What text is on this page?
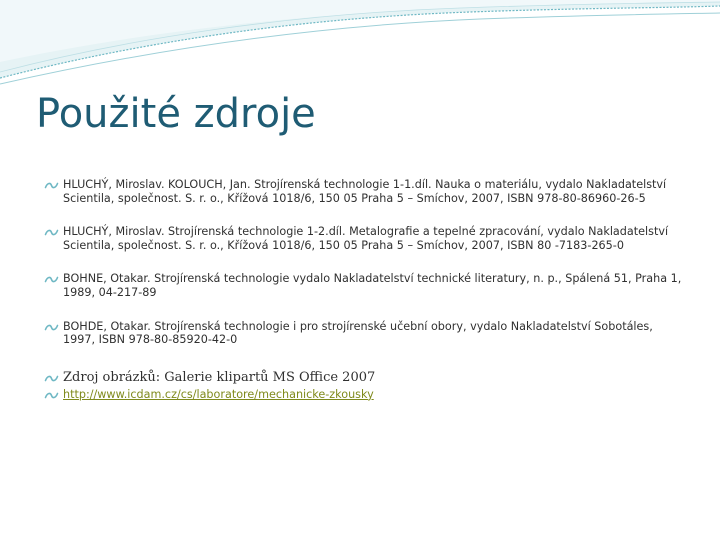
Použité zdroje
HLUCHÝ, Miroslav. KOLOUCH, Jan. Strojírenská technologie 1-1.díl. Nauka o materiálu, vydalo Nakladatelství Scientila, společnost. S. r. o., Křížová 1018/6, 150 05 Praha 5 – Smíchov, 2007, ISBN 978-80-86960-26-5
HLUCHÝ, Miroslav. Strojírenská technologie 1-2.díl. Metalografie a tepelné zpracování, vydalo Nakladatelství Scientila, společnost. S. r. o., Křížová 1018/6, 150 05 Praha 5 – Smíchov, 2007, ISBN 80 -7183-265-0
BOHNE, Otakar. Strojírenská technologie vydalo Nakladatelství technické literatury, n. p., Spálená 51, Praha 1, 1989, 04-217-89
BOHDE, Otakar. Strojírenská technologie i pro strojírenské učební obory, vydalo Nakladatelství Sobotáles, 1997, ISBN 978-80-85920-42-0
Zdroj obrázků: Galerie klipartů MS Office 2007
http://www.icdam.cz/cs/laboratore/mechanicke-zkousky
